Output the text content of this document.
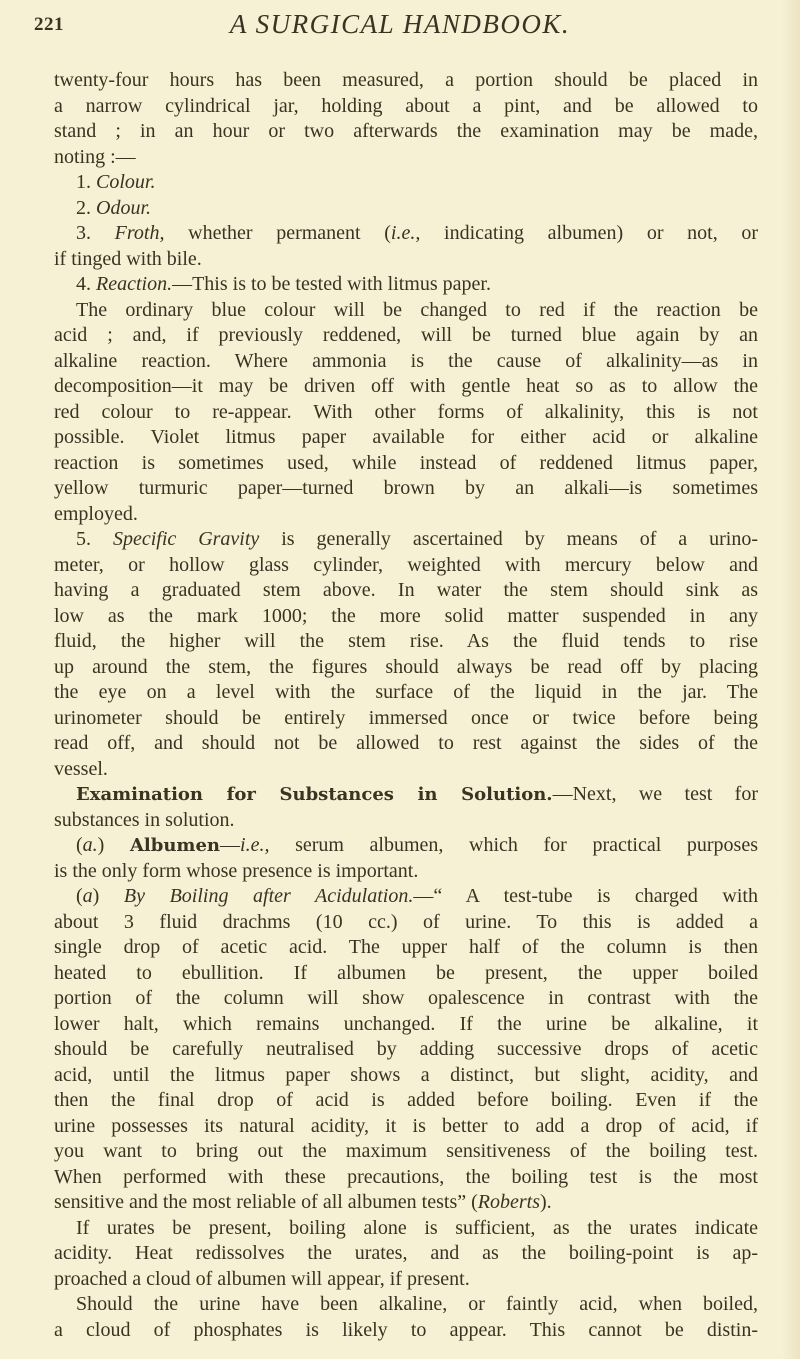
221	A SURGICAL HANDBOOK.
twenty-four hours has been measured, a portion should be placed in
a narrow cylindrical jar, holding about a pint, and be allowed to
stand ; in an hour or two afterwards the examination may be made,
noting :—
1. Colour.
2. Odour.
3. Froth, whether permanent (i.e., indicating albumen) or not, or
if tinged with bile.
4. Reaction.—This is to be tested with litmus paper.
The ordinary blue colour will be changed to red if the reaction be
acid ; and, if previously reddened, will be turned blue again by an
alkaline reaction. Where ammonia is the cause of alkalinity—as in
decomposition—it may be driven off with gentle heat so as to allow the
red colour to re-appear. With other forms of alkalinity, this is not
possible. Violet litmus paper available for either acid or alkaline
reaction is sometimes used, while instead of reddened litmus paper,
yellow turmuric paper—turned brown by an alkali—is sometimes
employed.
5. Specific Gravity is generally ascertained by means of a urino-
meter, or hollow glass cylinder, weighted with mercury below and
having a graduated stem above. In water the stem should sink as
low as the mark 1000; the more solid matter suspended in any
fluid, the higher will the stem rise. As the fluid tends to rise
up around the stem, the figures should always be read off by placing
the eye on a level with the surface of the liquid in the jar. The
urinometer should be entirely immersed once or twice before being
read off, and should not be allowed to rest against the sides of the
vessel.
Examination for Substances in Solution.—Next, we test for
substances in solution.
(a.) Albumen—i.e., serum albumen, which for practical purposes
is the only form whose presence is important.
(a) By Boiling after Acidulation.—“ A test-tube is charged with
about 3 fluid drachms (10 cc.) of urine. To this is added a
single drop of acetic acid. The upper half of the column is then
heated to ebullition. If albumen be present, the upper boiled
portion of the column will show opalescence in contrast with the
lower halt, which remains unchanged. If the urine be alkaline, it
should be carefully neutralised by adding successive drops of acetic
acid, until the litmus paper shows a distinct, but slight, acidity, and
then the final drop of acid is added before boiling. Even if the
urine possesses its natural acidity, it is better to add a drop of acid, if
you want to bring out the maximum sensitiveness of the boiling test.
When performed with these precautions, the boiling test is the most
sensitive and the most reliable of all albumen tests” (Roberts).
If urates be present, boiling alone is sufficient, as the urates indicate
acidity. Heat redissolves the urates, and as the boiling-point is ap-
proached a cloud of albumen will appear, if present.
Should the urine have been alkaline, or faintly acid, when boiled,
a cloud of phosphates is likely to appear. This cannot be distin-
